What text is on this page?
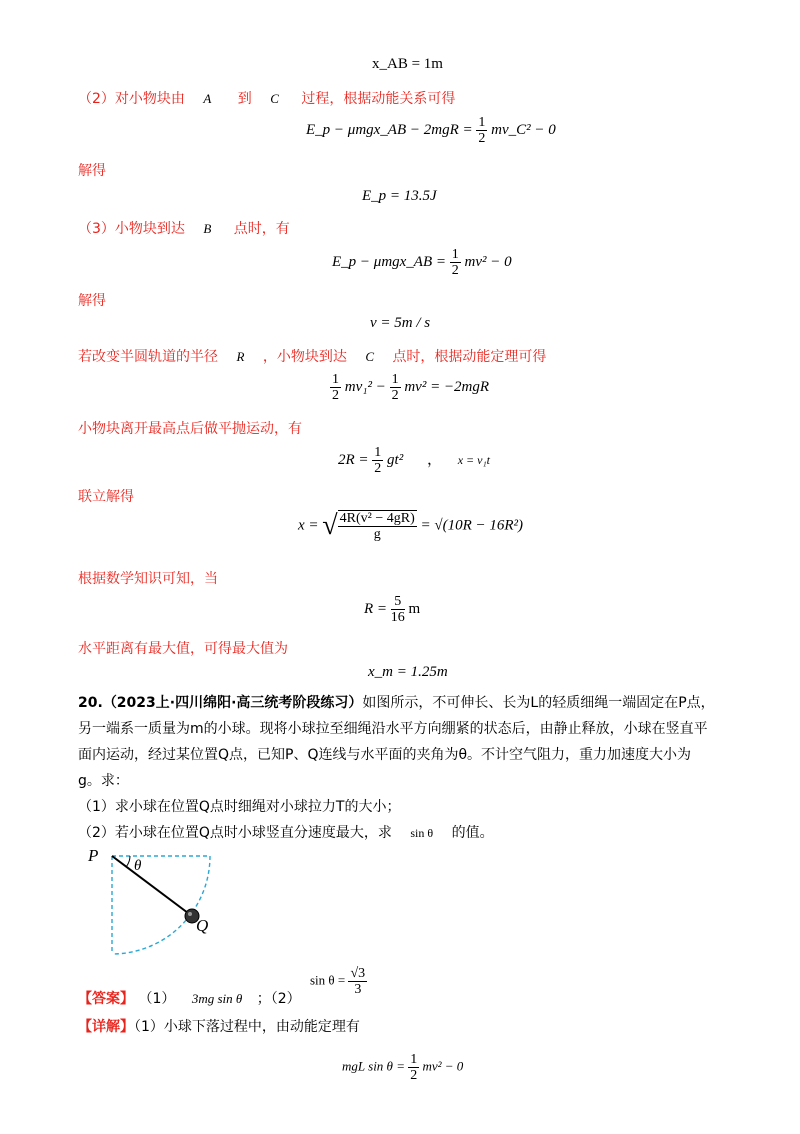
x_AB = 1m
（2）对小物块由 A 到 C 过程，根据动能关系可得
E_p − μmgx_AB − $2mgR = \frac{1}{2}$ mv_C² − 0
解得
E_p = 13.5J
（3）小物块到达 B 点时，有
E_p − μmgx_AB = $\frac{1}{2} mv^2 - 0$
解得
v = 5m / s
若改变半圆轨道的半径 R ，小物块到达 C 点时，根据动能定理可得
$\frac{1}{2} mv_1^2 - \frac{1}{2} mv^2 = -2mgR$
小物块离开最高点后做平抛运动，有
$2R = \frac{1}{2} gt^2$ ， x = v₁t
联立解得
x = √ $\frac{\text{4R(v² − 4gR)}}{g} = √(10R - 16R^2)$
根据数学知识可知，当
$R = \frac{5}{16}$ m
水平距离有最大值，可得最大值为
x_m = 1.25m
20.（2023上·四川绵阳·高三统考阶段练习）如图所示，不可伸长、长为L的轻质细绳一端固定在P点，
另一端系一质量为m的小球。现将小球拉至细绳沿水平方向绷紧的状态后，由静止释放，小球在竖直平
面内运动，经过某位置Q点，已知P、Q连线与水平面的夹角为θ。不计空气阻力，重力加速度大小为
g。求：
（1）求小球在位置Q点时细绳对小球拉力T的大小；
（2）若小球在位置Q点时小球竖直分速度最大，求 sin θ 的值。
P
θ
Q
【答案】 （1） 3mg sin θ ；（2）
$\sin \theta = \frac{√3}{3}$
【详解】（1）小球下落过程中，由动能定理有
mgL $\sin \theta = \frac{1}{2} mv^2 - 0$
